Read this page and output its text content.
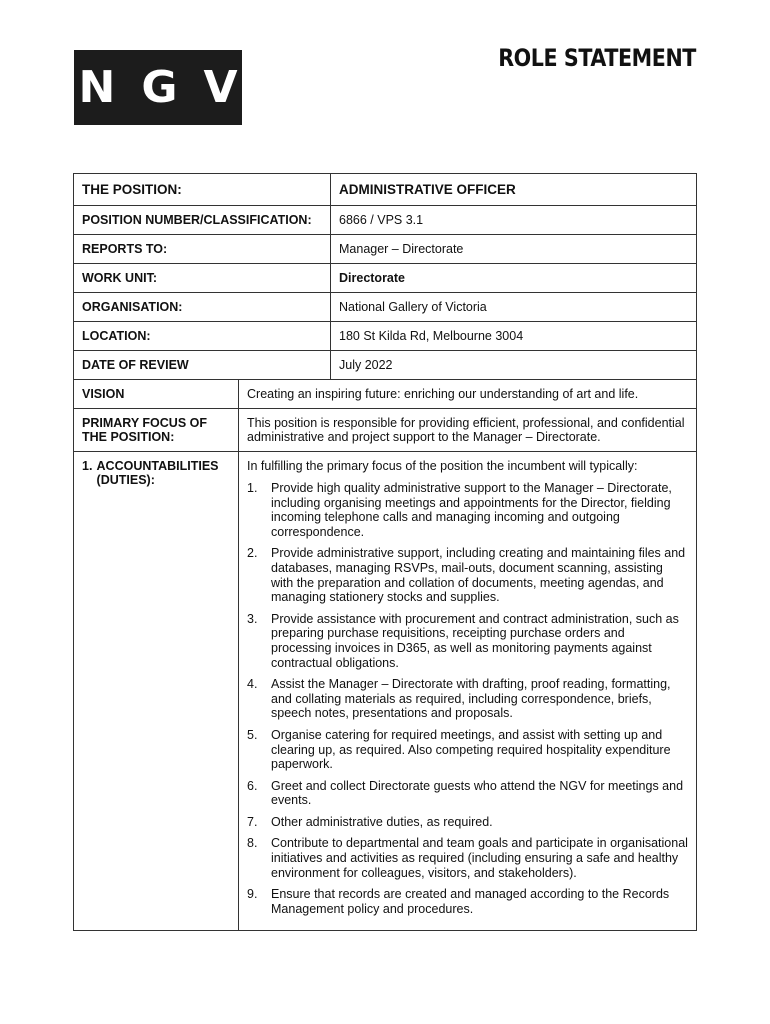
NGV
ROLE STATEMENT
THE POSITION:	ADMINISTRATIVE OFFICER
POSITION NUMBER/CLASSIFICATION:	6866 / VPS 3.1
REPORTS TO:	Manager – Directorate
WORK UNIT:	Directorate
ORGANISATION:	National Gallery of Victoria
LOCATION:	180 St Kilda Rd, Melbourne 3004
DATE OF REVIEW	July 2022
VISION	Creating an inspiring future: enriching our understanding of art and life.
PRIMARY FOCUS OF THE POSITION:
This position is responsible for providing efficient, professional, and confidential administrative and project support to the Manager – Directorate.
1. ACCOUNTABILITIES (DUTIES):

In fulfilling the primary focus of the position the incumbent will typically:

1.	Provide high quality administrative support to the Manager – Directorate, including organising meetings and appointments for the Director, fielding incoming telephone calls and managing incoming and outgoing correspondence.
2.	Provide administrative support, including creating and maintaining files and databases, managing RSVPs, mail-outs, document scanning, assisting with the preparation and collation of documents, meeting agendas, and managing stationery stocks and supplies.
3.	Provide assistance with procurement and contract administration, such as preparing purchase requisitions, receipting purchase orders and processing invoices in D365, as well as monitoring payments against contractual obligations.
4.	Assist the Manager – Directorate with drafting, proof reading, formatting, and collating materials as required, including correspondence, briefs, speech notes, presentations and proposals.
5.	Organise catering for required meetings, and assist with setting up and clearing up, as required. Also competing required hospitality expenditure paperwork.
6.	Greet and collect Directorate guests who attend the NGV for meetings and events.
7.	Other administrative duties, as required.
8.	Contribute to departmental and team goals and participate in organisational initiatives and activities as required (including ensuring a safe and healthy environment for colleagues, visitors, and stakeholders).
9.	Ensure that records are created and managed according to the Records Management policy and procedures.
